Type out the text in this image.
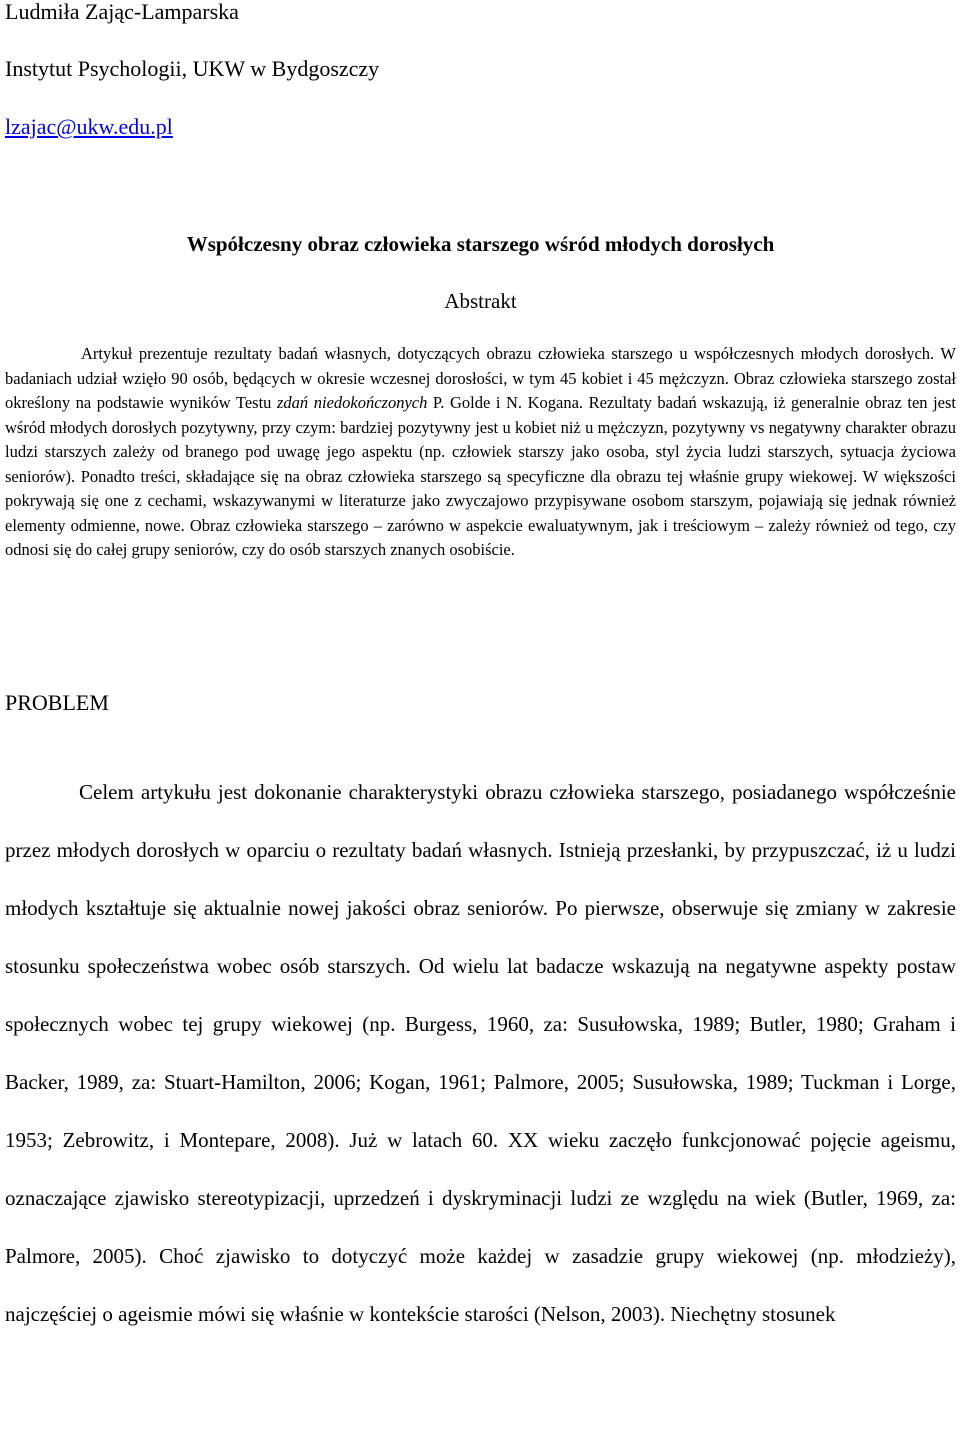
Ludmiła Zając-Lamparska
Instytut Psychologii, UKW w Bydgoszczy
lzajac@ukw.edu.pl
Współczesny obraz człowieka starszego wśród młodych dorosłych
Abstrakt

Artykuł prezentuje rezultaty badań własnych, dotyczących obrazu człowieka starszego u współczesnych młodych dorosłych. W badaniach udział wzięło 90 osób, będących w okresie wczesnej dorosłości, w tym 45 kobiet i 45 mężczyzn. Obraz człowieka starszego został określony na podstawie wyników Testu zdań niedokończonych P. Golde i N. Kogana. Rezultaty badań wskazują, iż generalnie obraz ten jest wśród młodych dorosłych pozytywny, przy czym: bardziej pozytywny jest u kobiet niż u mężczyzn, pozytywny vs negatywny charakter obrazu ludzi starszych zależy od branego pod uwagę jego aspektu (np. człowiek starszy jako osoba, styl życia ludzi starszych, sytuacja życiowa seniorów). Ponadto treści, składające się na obraz człowieka starszego są specyficzne dla obrazu tej właśnie grupy wiekowej. W większości pokrywają się one z cechami, wskazywanymi w literaturze jako zwyczajowo przypisywane osobom starszym, pojawiają się jednak również elementy odmienne, nowe. Obraz człowieka starszego – zarówno w aspekcie ewaluatywnym, jak i treściowym – zależy również od tego, czy odnosi się do całej grupy seniorów, czy do osób starszych znanych osobiście.

PROBLEM

Celem artykułu jest dokonanie charakterystyki obrazu człowieka starszego, posiadanego współcześnie przez młodych dorosłych w oparciu o rezultaty badań własnych. Istnieją przesłanki, by przypuszczać, iż u ludzi młodych kształtuje się aktualnie nowej jakości obraz seniorów. Po pierwsze, obserwuje się zmiany w zakresie stosunku społeczeństwa wobec osób starszych. Od wielu lat badacze wskazują na negatywne aspekty postaw społecznych wobec tej grupy wiekowej (np. Burgess, 1960, za: Susułowska, 1989; Butler, 1980; Graham i Backer, 1989, za: Stuart-Hamilton, 2006; Kogan, 1961; Palmore, 2005; Susułowska, 1989; Tuckman i Lorge, 1953; Zebrowitz, i Montepare, 2008). Już w latach 60. XX wieku zaczęło funkcjonować pojęcie ageismu, oznaczające zjawisko stereotypizacji, uprzedzeń i dyskryminacji ludzi ze względu na wiek (Butler, 1969, za: Palmore, 2005). Choć zjawisko to dotyczyć może każdej w zasadzie grupy wiekowej (np. młodzieży), najczęściej o ageismie mówi się właśnie w kontekście starości (Nelson, 2003). Niechętny stosunek
